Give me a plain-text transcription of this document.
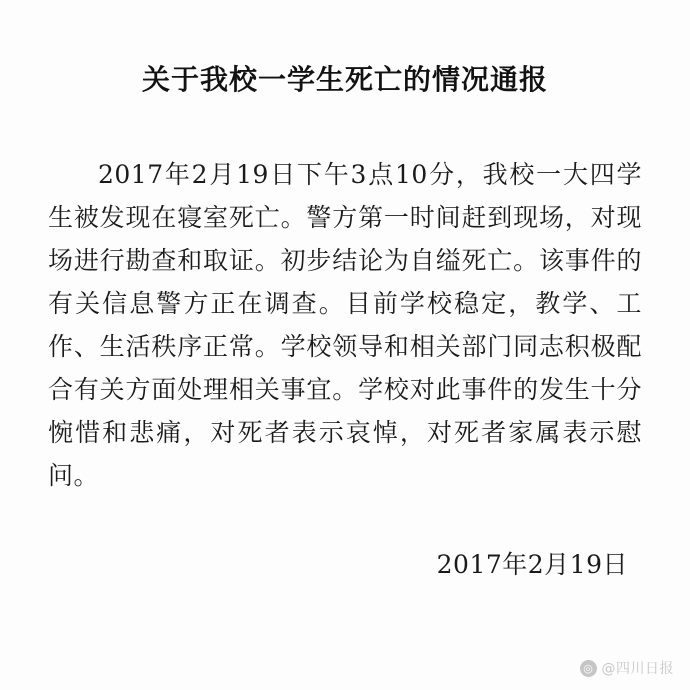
关于我校一学生死亡的情况通报

2017年2月19日下午3点10分，我校一大四学生被发现在寝室死亡。警方第一时间赶到现场，对现场进行勘查和取证。初步结论为自缢死亡。该事件的有关信息警方正在调查。目前学校稳定，教学、工作、生活秩序正常。学校领导和相关部门同志积极配合有关方面处理相关事宜。学校对此事件的发生十分惋惜和悲痛，对死者表示哀悼，对死者家属表示慰问。

2017年2月19日
◎ @四川日报
